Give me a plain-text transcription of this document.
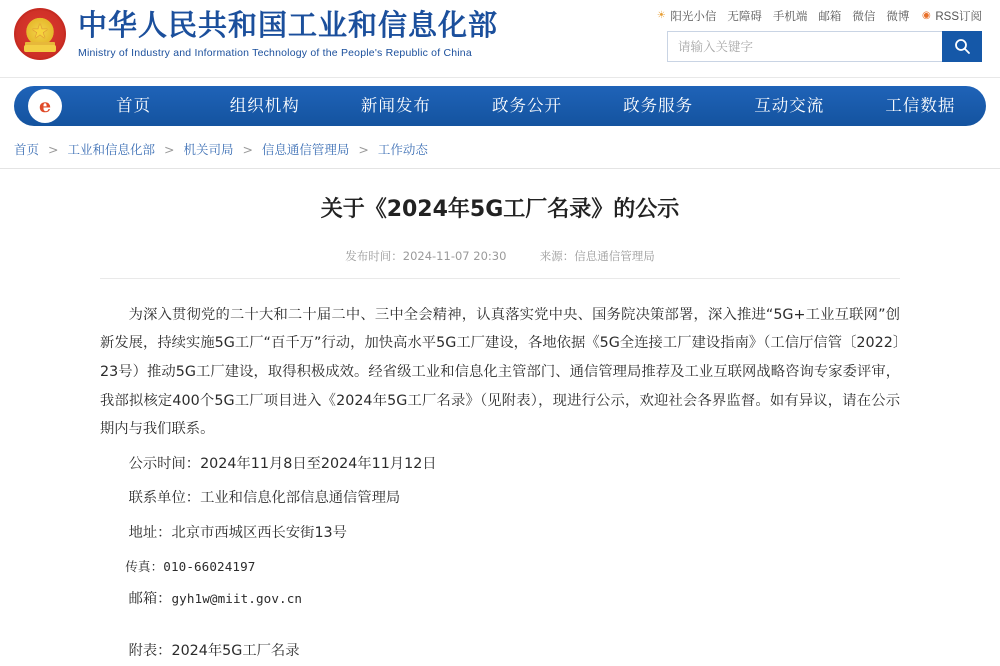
★
中华人民共和国工业和信息化部
Ministry of Industry and Information Technology of the People's Republic of China
☀ 阳光小信 无障碍 手机端 邮箱 微信 微博 ◉ RSS订阅
请输入关键字
e	首页	组织机构	新闻发布	政务公开	政务服务	互动交流	工信数据
首页 > 工业和信息化部 > 机关司局 > 信息通信管理局 > 工作动态
关于《2024年5G工厂名录》的公示
发布时间：2024-11-07 20:30	来源：信息通信管理局

为深入贯彻党的二十大和二十届二中、三中全会精神，认真落实党中央、国务院决策部署，深入推进“5G+工业互联网”创新发展，持续实施5G工厂“百千万”行动，加快高水平5G工厂建设，各地依据《5G全连接工厂建设指南》（工信厅信管〔2022〕23号）推动5G工厂建设，取得积极成效。经省级工业和信息化主管部门、通信管理局推荐及工业互联网战略咨询专家委评审，我部拟核定400个5G工厂项目进入《2024年5G工厂名录》（见附表），现进行公示，欢迎社会各界监督。如有异议，请在公示期内与我们联系。

公示时间：2024年11月8日至2024年11月12日

联系单位：工业和信息化部信息通信管理局

地址：北京市西城区西长安街13号

传真：010-66024197

邮箱：gyh1w@miit.gov.cn

附表：2024年5G工厂名录
